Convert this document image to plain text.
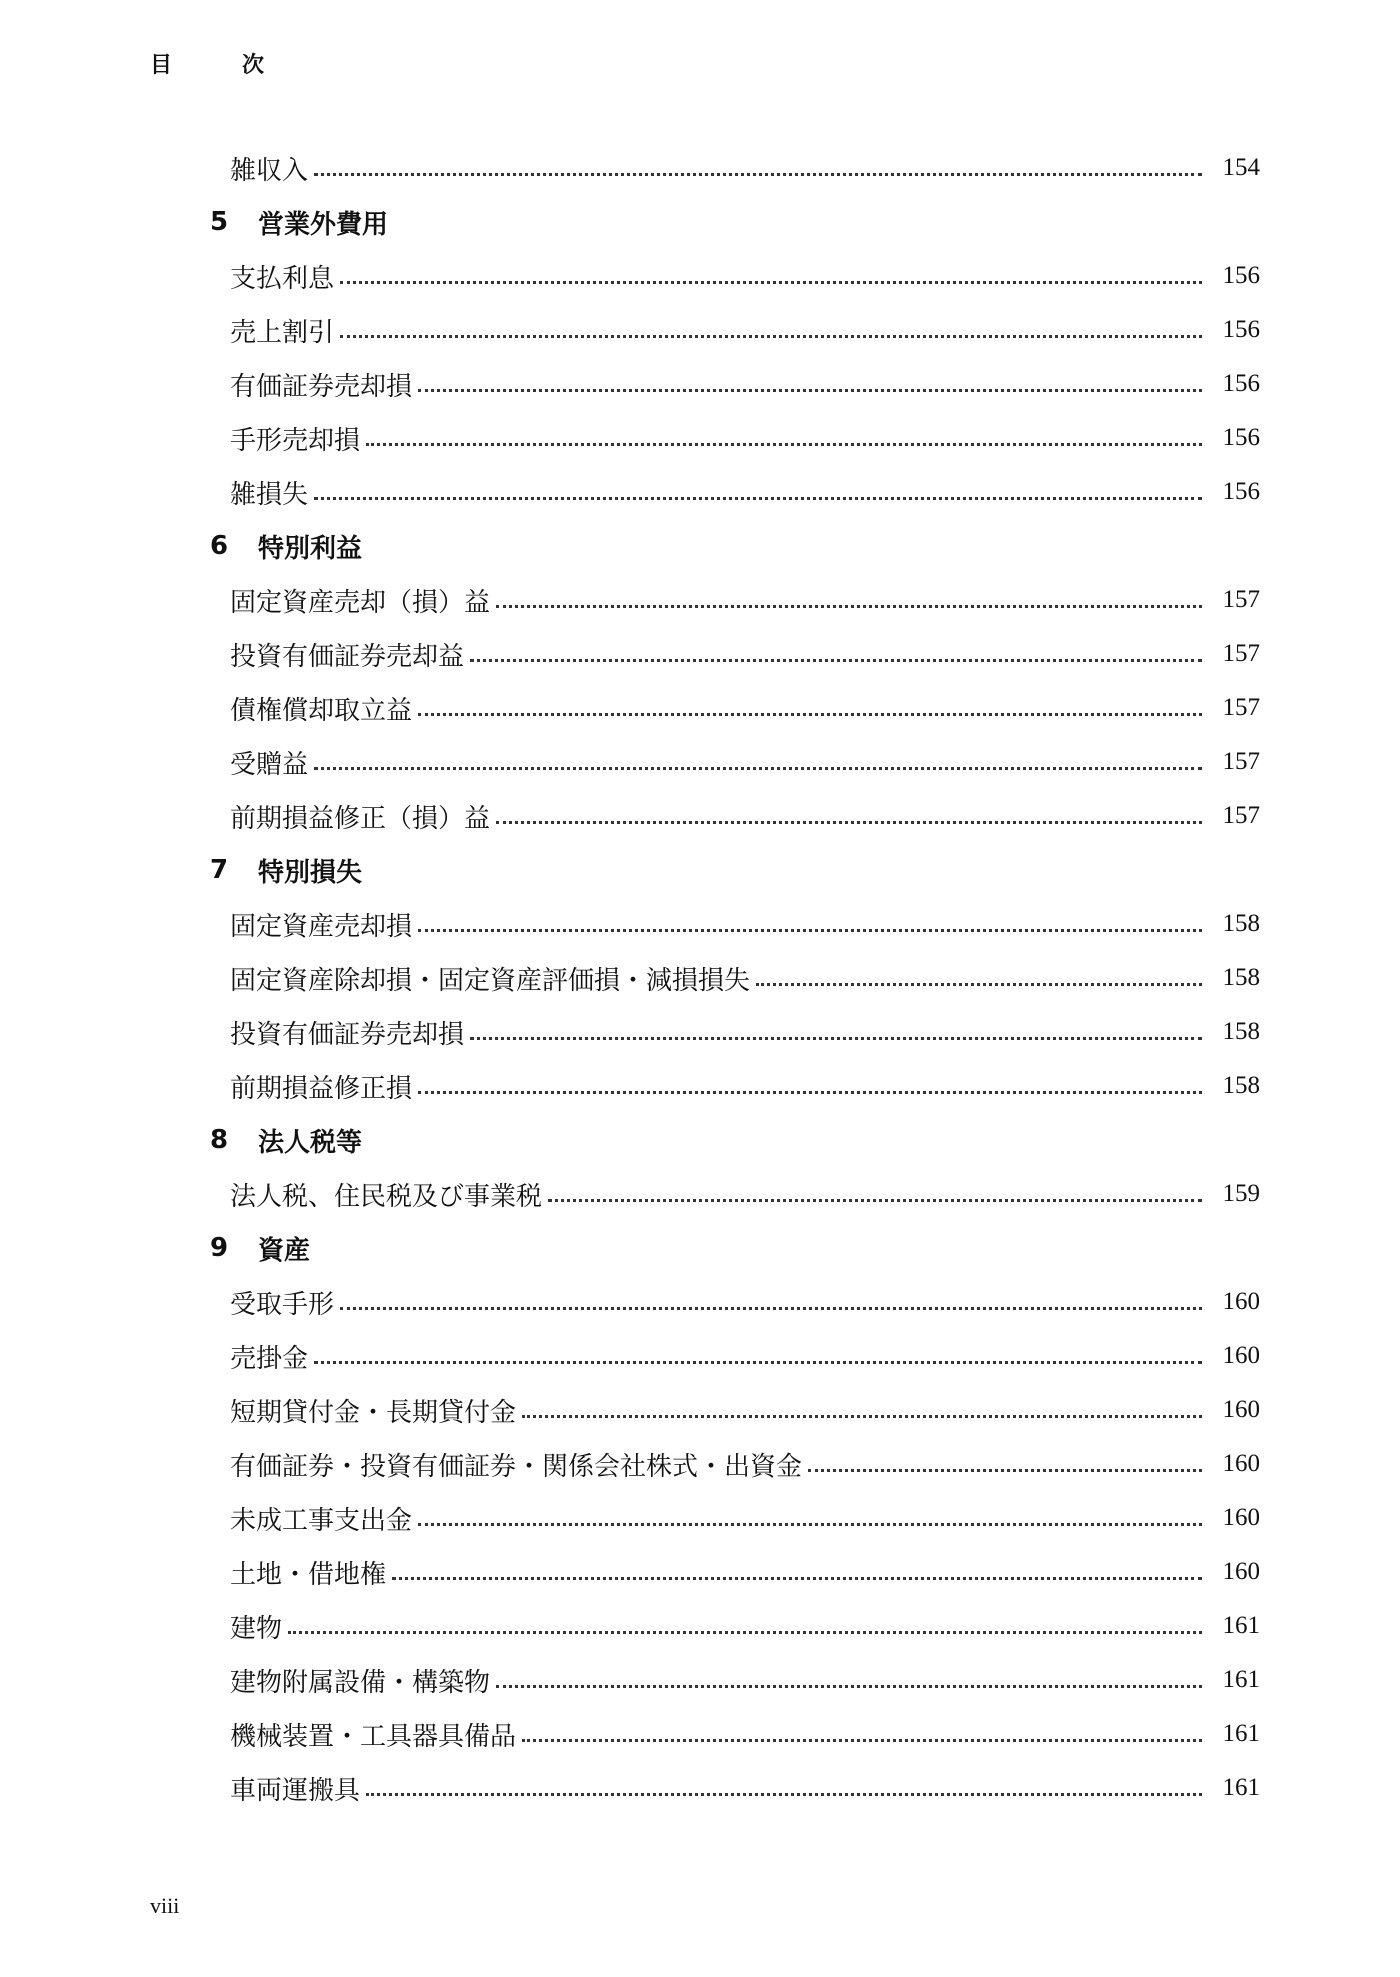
目　次
雑収入	154
5	営業外費用
支払利息	156
売上割引	156
有価証券売却損	156
手形売却損	156
雑損失	156
6	特別利益
固定資産売却（損）益	157
投資有価証券売却益	157
債権償却取立益	157
受贈益	157
前期損益修正（損）益	157
7	特別損失
固定資産売却損	158
固定資産除却損・固定資産評価損・減損損失	158
投資有価証券売却損	158
前期損益修正損	158
8	法人税等
法人税、住民税及び事業税	159
9	資産
受取手形	160
売掛金	160
短期貸付金・長期貸付金	160
有価証券・投資有価証券・関係会社株式・出資金	160
未成工事支出金	160
土地・借地権	160
建物	161
建物附属設備・構築物	161
機械装置・工具器具備品	161
車両運搬具	161
viii
